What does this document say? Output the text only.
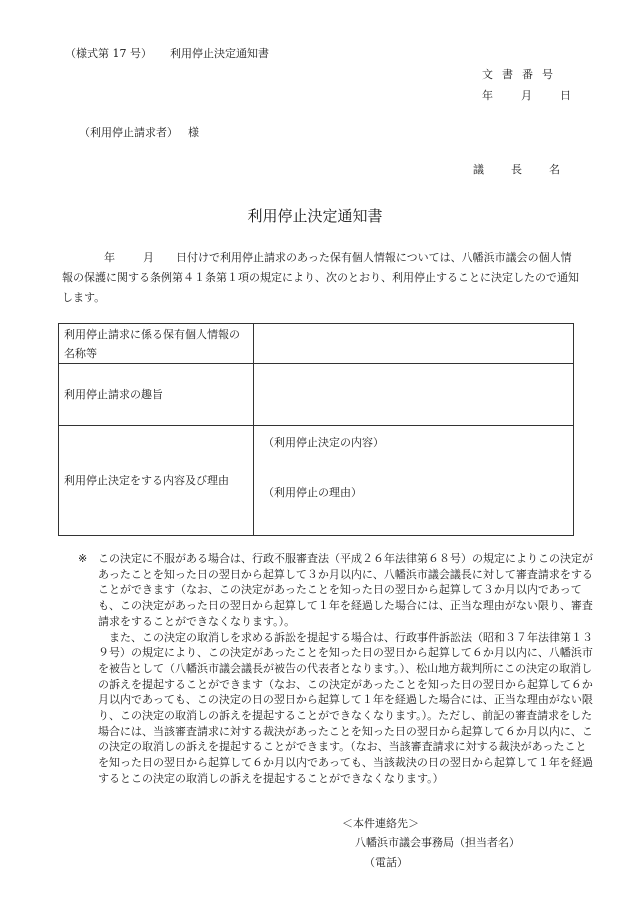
（様式第 17 号） 利用停止決定通知書
文書番号
年	月	日
（利用停止請求者） 様
議 長 名
利用停止決定通知書
年	月 日付けで利用停止請求のあった保有個人情報については、八幡浜市議会の個人情報の保護に関する条例第４１条第１項の規定により、次のとおり、利用停止することに決定したので通知します。
利用停止請求に係る保有個人情報の名称等	
利用停止請求の趣旨	
利用停止決定をする内容及び理由	（利用停止決定の内容）
（利用停止の理由）
※ この決定に不服がある場合は、行政不服審査法（平成２６年法律第６８号）の規定によりこの決定があったことを知った日の翌日から起算して３か月以内に、八幡浜市議会議長に対して審査請求をすることができます（なお、この決定があったことを知った日の翌日から起算して３か月以内であっても、この決定があった日の翌日から起算して１年を経過した場合には、正当な理由がない限り、審査請求をすることができなくなります。）。

また、この決定の取消しを求める訴訟を提起する場合は、行政事件訴訟法（昭和３７年法律第１３９号）の規定により、この決定があったことを知った日の翌日から起算して６か月以内に、八幡浜市を被告として（八幡浜市議会議長が被告の代表者となります。）、松山地方裁判所にこの決定の取消しの訴えを提起することができます（なお、この決定があったことを知った日の翌日から起算して６か月以内であっても、この決定の日の翌日から起算して１年を経過した場合には、正当な理由がない限り、この決定の取消しの訴えを提起することができなくなります。）。ただし、前記の審査請求をした場合には、当該審査請求に対する裁決があったことを知った日の翌日から起算して６か月以内に、この決定の取消しの訴えを提起することができます。（なお、当該審査請求に対する裁決があったことを知った日の翌日から起算して６か月以内であっても、当該裁決の日の翌日から起算して１年を経過するとこの決定の取消しの訴えを提起することができなくなります。）

＜本件連絡先＞
八幡浜市議会事務局（担当者名）
（電話）
